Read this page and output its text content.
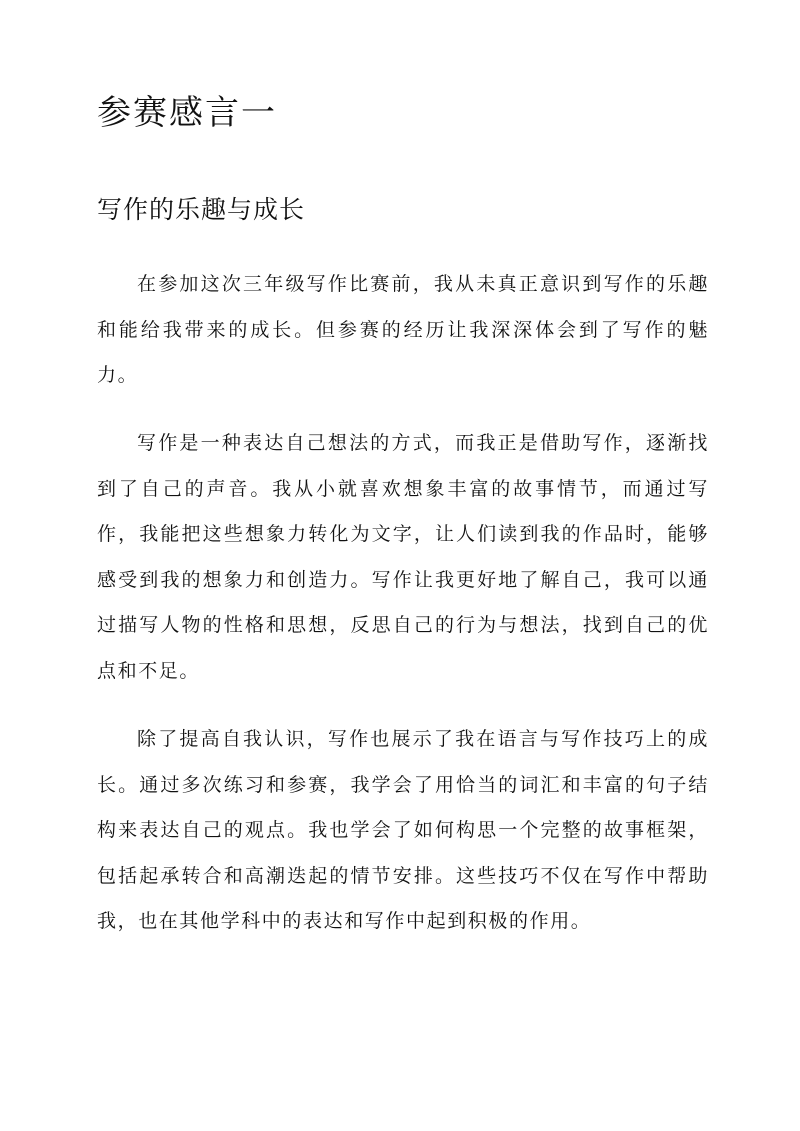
参赛感言一
写作的乐趣与成长

在参加这次三年级写作比赛前，我从未真正意识到写作的乐趣和能给我带来的成长。但参赛的经历让我深深体会到了写作的魅力。

写作是一种表达自己想法的方式，而我正是借助写作，逐渐找到了自己的声音。我从小就喜欢想象丰富的故事情节，而通过写作，我能把这些想象力转化为文字，让人们读到我的作品时，能够感受到我的想象力和创造力。写作让我更好地了解自己，我可以通过描写人物的性格和思想，反思自己的行为与想法，找到自己的优点和不足。

除了提高自我认识，写作也展示了我在语言与写作技巧上的成长。通过多次练习和参赛，我学会了用恰当的词汇和丰富的句子结构来表达自己的观点。我也学会了如何构思一个完整的故事框架，包括起承转合和高潮迭起的情节安排。这些技巧不仅在写作中帮助我，也在其他学科中的表达和写作中起到积极的作用。
